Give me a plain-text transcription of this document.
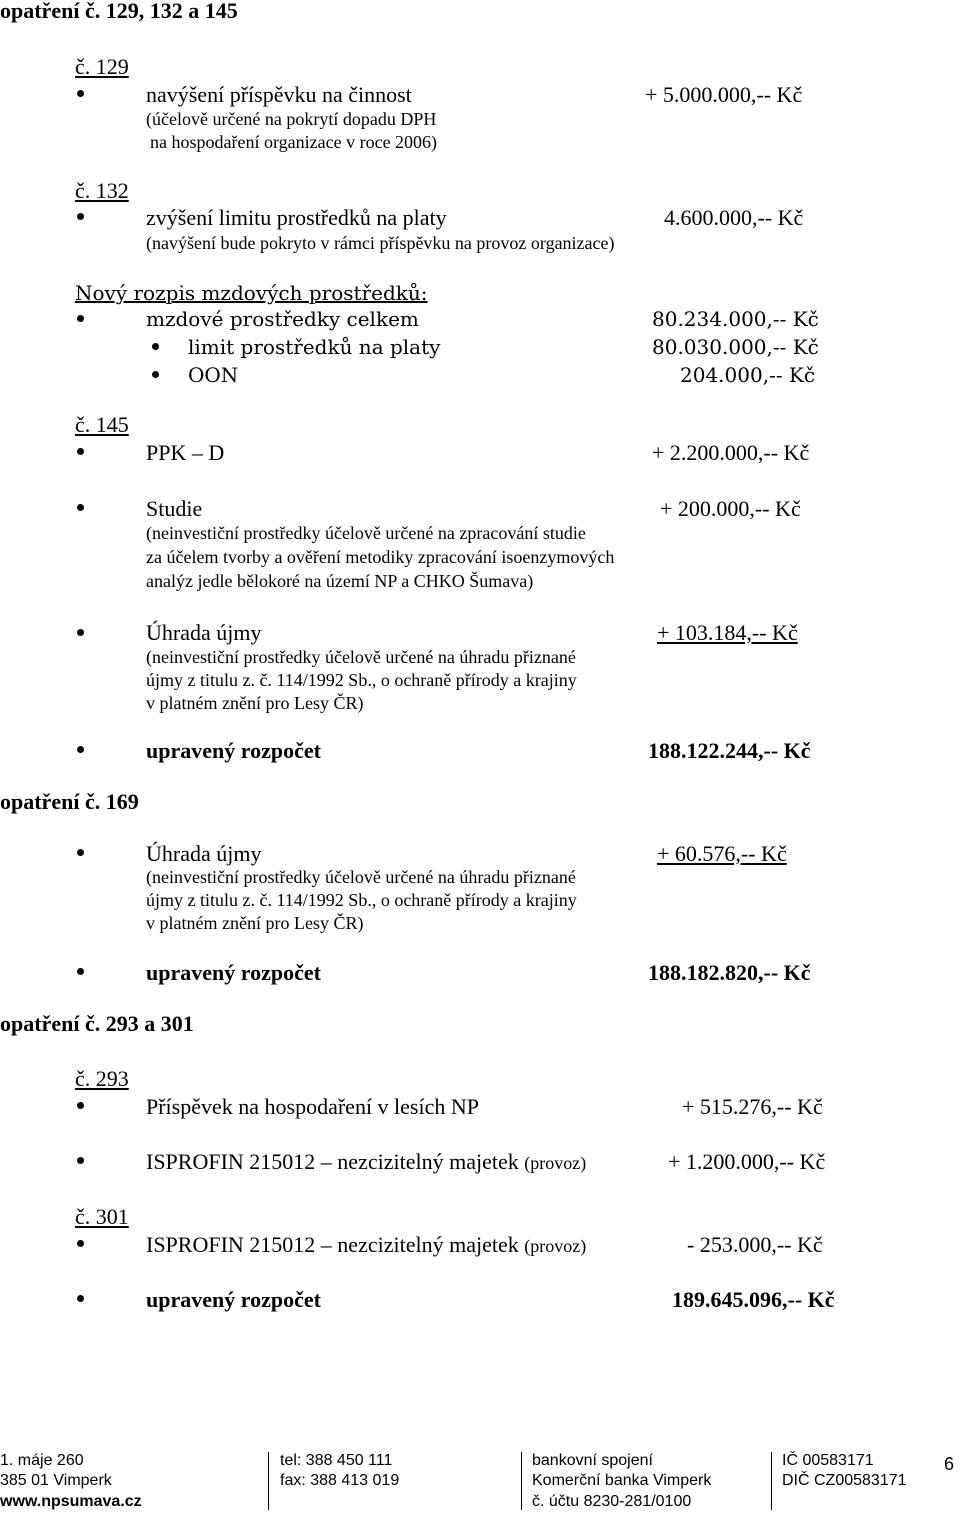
opatření č. 129, 132 a 145
č. 129
navýšení příspěvku na činnost	+ 5.000.000,-- Kč
(účelově určené na pokrytí dopadu DPH
na hospodaření organizace v roce 2006)
č. 132
zvýšení limitu prostředků na platy	4.600.000,-- Kč
(navýšení bude pokryto v rámci příspěvku na provoz organizace)
Nový rozpis mzdových prostředků:
mzdové prostředky celkem	80.234.000,-- Kč
limit prostředků na platy	80.030.000,-- Kč
OON	204.000,-- Kč
č. 145
PPK – D	+ 2.200.000,-- Kč
Studie	+ 200.000,-- Kč
(neinvestiční prostředky účelově určené na zpracování studie
za účelem tvorby a ověření metodiky zpracování isoenzymových
analýz jedle bělokoré na území NP a CHKO Šumava)
Úhrada újmy	+ 103.184,-- Kč
(neinvestiční prostředky účelově určené na úhradu přiznané
újmy z titulu z. č. 114/1992 Sb., o ochraně přírody a krajiny
v platném znění pro Lesy ČR)
upravený rozpočet	188.122.244,-- Kč
opatření č. 169
Úhrada újmy	+ 60.576,-- Kč
(neinvestiční prostředky účelově určené na úhradu přiznané
újmy z titulu z. č. 114/1992 Sb., o ochraně přírody a krajiny
v platném znění pro Lesy ČR)
upravený rozpočet	188.182.820,-- Kč
opatření č. 293 a 301
č. 293
Příspěvek na hospodaření v lesích NP	+ 515.276,-- Kč
ISPROFIN 215012 – nezcizitelný majetek (provoz)	+ 1.200.000,-- Kč
č. 301
ISPROFIN 215012 – nezcizitelný majetek (provoz)	- 253.000,-- Kč
upravený rozpočet	189.645.096,-- Kč
1. máje 260
385 01 Vimperk
www.npsumava.cz
tel: 388 450 111
fax: 388 413 019
bankovní spojení
Komerční banka Vimperk
č. účtu 8230-281/0100
IČ 00583171
DIČ CZ00583171
6
